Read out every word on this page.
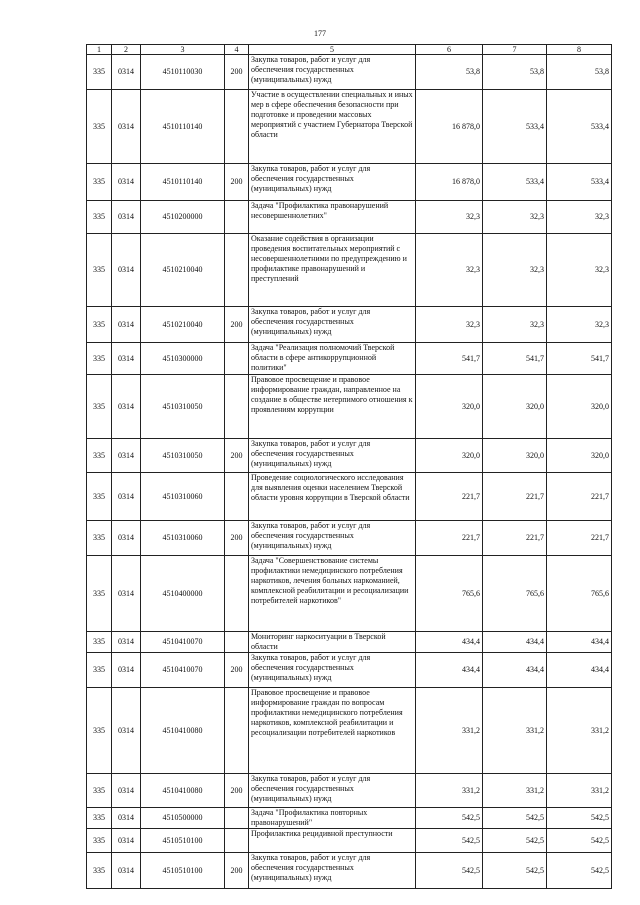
177
1	2	3	4	5	6	7	8
335	0314	4510110030	200	Закупка товаров, работ и услуг для обеспечения государственных (муниципальных) нужд	53,8	53,8	53,8
335	0314	4510110140		Участие в осуществлении специальных и иных мер в сфере обеспечения безопасности при подготовке и проведении массовых мероприятий с участием Губернатора Тверской области	16 878,0	533,4	533,4
335	0314	4510110140	200	Закупка товаров, работ и услуг для обеспечения государственных (муниципальных) нужд	16 878,0	533,4	533,4
335	0314	4510200000		Задача "Профилактика правонарушений несовершеннолетних"	32,3	32,3	32,3
335	0314	4510210040		Оказание содействия в организации проведения воспитательных мероприятий с несовершеннолетними по предупреждению и профилактике правонарушений и преступлений	32,3	32,3	32,3
335	0314	4510210040	200	Закупка товаров, работ и услуг для обеспечения государственных (муниципальных) нужд	32,3	32,3	32,3
335	0314	4510300000		Задача "Реализация полномочий Тверской области в сфере антикоррупционной политики"	541,7	541,7	541,7
335	0314	4510310050		Правовое просвещение и правовое информирование граждан, направленное на создание в обществе нетерпимого отношения к проявлениям коррупции	320,0	320,0	320,0
335	0314	4510310050	200	Закупка товаров, работ и услуг для обеспечения государственных (муниципальных) нужд	320,0	320,0	320,0
335	0314	4510310060		Проведение социологического исследования для выявления оценки населением Тверской области уровня коррупции в Тверской области	221,7	221,7	221,7
335	0314	4510310060	200	Закупка товаров, работ и услуг для обеспечения государственных (муниципальных) нужд	221,7	221,7	221,7
335	0314	4510400000		Задача "Совершенствование системы профилактики немедицинского потребления наркотиков, лечения больных наркоманией, комплексной реабилитации и ресоциализации потребителей наркотиков"	765,6	765,6	765,6
335	0314	4510410070		Мониторинг наркоситуации в Тверской области	434,4	434,4	434,4
335	0314	4510410070	200	Закупка товаров, работ и услуг для обеспечения государственных (муниципальных) нужд	434,4	434,4	434,4
335	0314	4510410080		Правовое просвещение и правовое информирование граждан по вопросам профилактики немедицинского потребления наркотиков, комплексной реабилитации и ресоциализации потребителей наркотиков	331,2	331,2	331,2
335	0314	4510410080	200	Закупка товаров, работ и услуг для обеспечения государственных (муниципальных) нужд	331,2	331,2	331,2
335	0314	4510500000		Задача "Профилактика повторных правонарушений"	542,5	542,5	542,5
335	0314	4510510100		Профилактика рецидивной преступности	542,5	542,5	542,5
335	0314	4510510100	200	Закупка товаров, работ и услуг для обеспечения государственных (муниципальных) нужд	542,5	542,5	542,5
